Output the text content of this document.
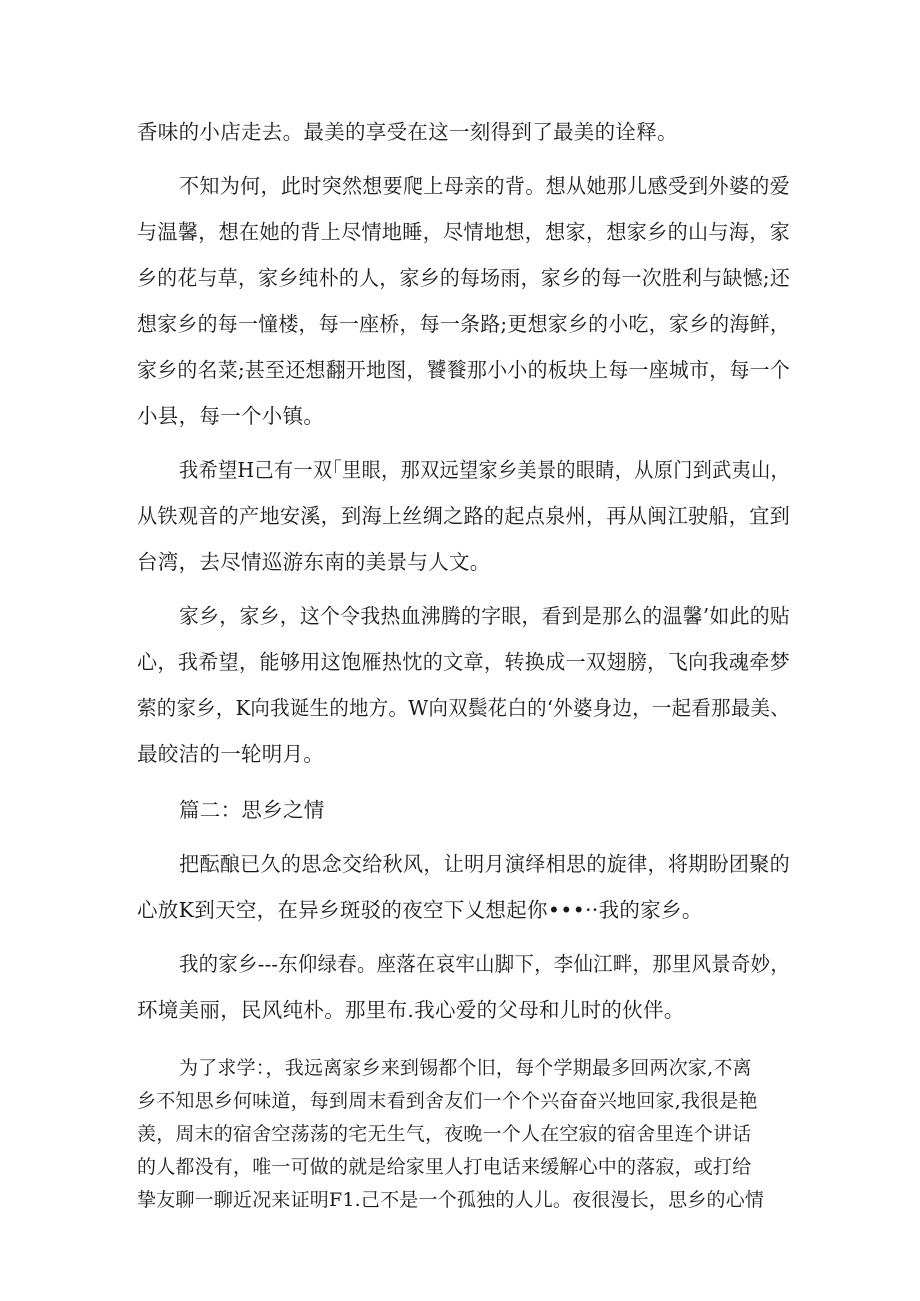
香味的小店走去。最美的享受在这一刻得到了最美的诠释。
不知为何，此时突然想要爬上母亲的背。想从她那儿感受到外婆的爱
与温馨，想在她的背上尽情地睡，尽情地想，想家，想家乡的山与海，家
乡的花与草，家乡纯朴的人，家乡的每场雨，家乡的每一次胜利与缺憾;还
想家乡的每一憧楼，每一座桥，每一条路;更想家乡的小吃，家乡的海鲜，
家乡的名菜;甚至还想翻开地图，饕餮那小小的板块上每一座城市，每一个
小县，每一个小镇。
我希望H己有一双｢里眼，那双远望家乡美景的眼睛，从原门到武夷山，
从铁观音的产地安溪，到海上丝绸之路的起点泉州，再从闽江驶船，宜到
台湾，去尽情巡游东南的美景与人文。
家乡，家乡，这个令我热血沸腾的字眼，看到是那么的温馨’如此的贴
心，我希望，能够用这饱雁热忱的文章，转换成一双翅膀，飞向我魂牵梦
萦的家乡，K向我诞生的地方。W向双鬓花白的‘外婆身边，一起看那最美、
最皎洁的一轮明月。
篇二：思乡之情
把酝酿已久的思念交给秋风，让明月演绎相思的旋律，将期盼团聚的
心放K到天空，在异乡斑驳的夜空下乂想起你•••··我的家乡。
我的家乡---东仰绿春。座落在哀牢山脚下，李仙江畔，那里风景奇妙，
环境美丽，民风纯朴。那里布.我心爱的父母和儿时的伙伴。
为了求学：，我远离家乡来到锡都个旧，每个学期最多回两次家,不离
乡不知思乡何味道，每到周末看到舍友们一个个兴奋奋兴地回家,我很是艳
羡，周末的宿舍空荡荡的宅无生气，夜晚一个人在空寂的宿舍里连个讲话
的人都没有，唯一可做的就是给家里人打电话来缓解心中的落寂，或打给
挚友聊一聊近况来证明F1.己不是一个孤独的人儿。夜很漫长，思乡的心情
